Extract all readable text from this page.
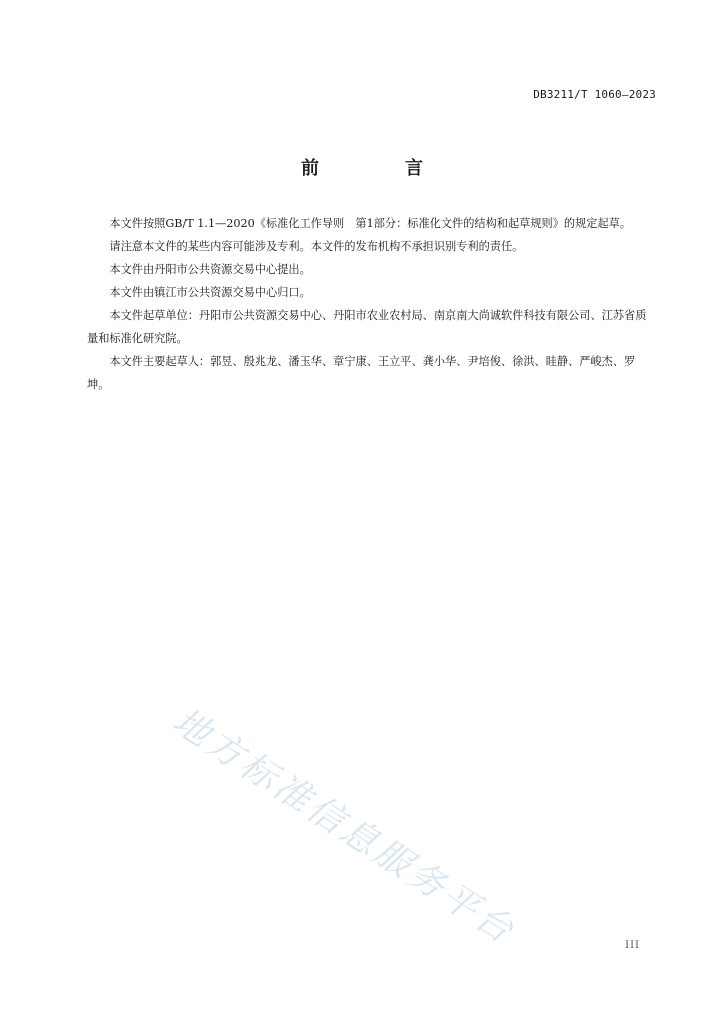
DB3211/T 1060—2023
前　言

本文件按照GB/T 1.1—2020《标准化工作导则　第1部分：标准化文件的结构和起草规则》的规定起草。

请注意本文件的某些内容可能涉及专利。本文件的发布机构不承担识别专利的责任。

本文件由丹阳市公共资源交易中心提出。

本文件由镇江市公共资源交易中心归口。

本文件起草单位：丹阳市公共资源交易中心、丹阳市农业农村局、南京南大尚诚软件科技有限公司、江苏省质量和标准化研究院。

本文件主要起草人：郭昱、殷兆龙、潘玉华、章宁康、王立平、龚小华、尹培俊、徐洪、眭静、严峻杰、罗坤。

地方标准信息服务平台	III
